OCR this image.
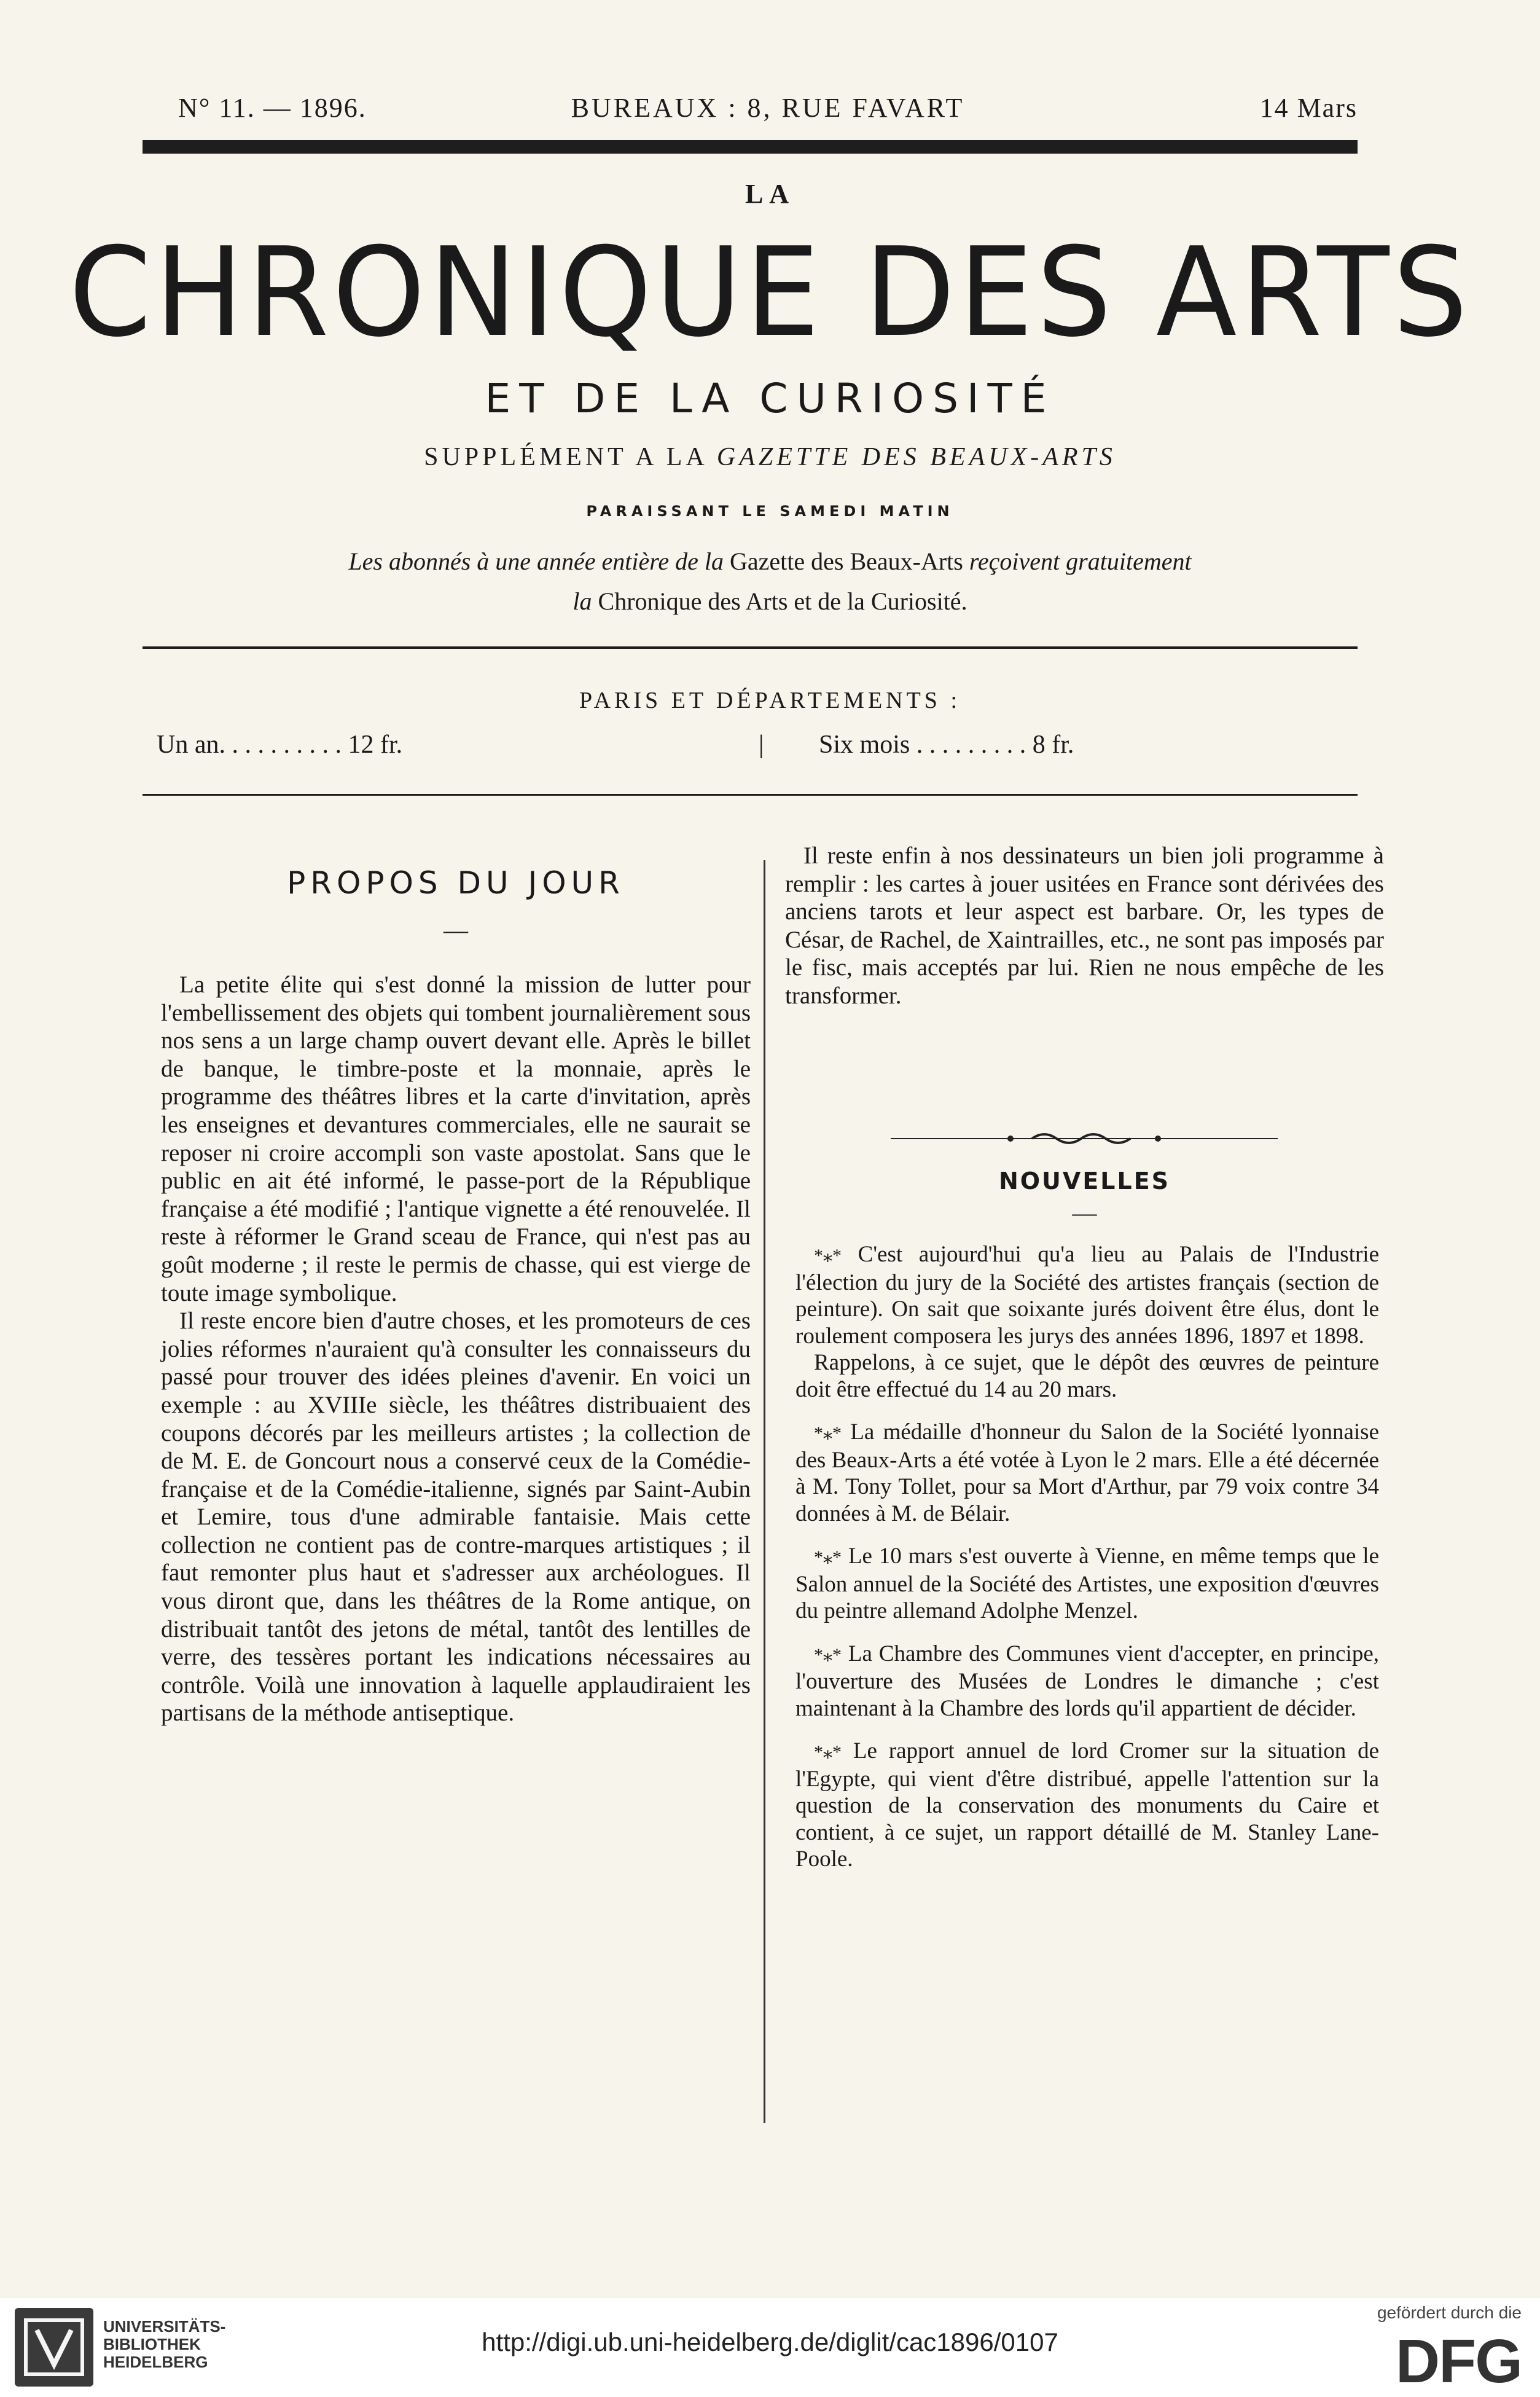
N° 11. — 1896.	BUREAUX : 8, RUE FAVART	14 Mars
LA
CHRONIQUE DES ARTS
ET DE LA CURIOSITÉ
SUPPLÉMENT A LA GAZETTE DES BEAUX-ARTS
PARAISSANT LE SAMEDI MATIN
Les abonnés à une année entière de la Gazette des Beaux-Arts reçoivent gratuitement
la Chronique des Arts et de la Curiosité.
PARIS ET DÉPARTEMENTS :
Un an. . . . . . . . . . 12 fr.	| Six mois . . . . . . . . . 8 fr.
PROPOS DU JOUR
—

La petite élite qui s'est donné la mission de lutter pour l'embellissement des objets qui tombent journalièrement sous nos sens a un large champ ouvert devant elle. Après le billet de banque, le timbre-poste et la monnaie, après le programme des théâtres libres et la carte d'invitation, après les enseignes et devantures commerciales, elle ne saurait se reposer ni croire accompli son vaste apostolat. Sans que le public en ait été informé, le passe-port de la République française a été modifié ; l'antique vignette a été renouvelée. Il reste à réformer le Grand sceau de France, qui n'est pas au goût moderne ; il reste le permis de chasse, qui est vierge de toute image symbolique.

Il reste encore bien d'autre choses, et les promoteurs de ces jolies réformes n'auraient qu'à consulter les connaisseurs du passé pour trouver des idées pleines d'avenir. En voici un exemple : au XVIIIe siècle, les théâtres distribuaient des coupons décorés par les meilleurs artistes ; la collection de de M. E. de Goncourt nous a conservé ceux de la Comédie-française et de la Comédie-italienne, signés par Saint-Aubin et Lemire, tous d'une admirable fantaisie. Mais cette collection ne contient pas de contre-marques artistiques ; il faut remonter plus haut et s'adresser aux archéologues. Il vous diront que, dans les théâtres de la Rome antique, on distribuait tantôt des jetons de métal, tantôt des lentilles de verre, des tessères portant les indications nécessaires au contrôle. Voilà une innovation à laquelle applaudiraient les partisans de la méthode antiseptique.

Il reste enfin à nos dessinateurs un bien joli programme à remplir : les cartes à jouer usitées en France sont dérivées des anciens tarots et leur aspect est barbare. Or, les types de César, de Rachel, de Xaintrailles, etc., ne sont pas imposés par le fisc, mais acceptés par lui. Rien ne nous empêche de les transformer.

NOUVELLES
—

*⁎* C'est aujourd'hui qu'a lieu au Palais de l'Industrie l'élection du jury de la Société des artistes français (section de peinture). On sait que soixante jurés doivent être élus, dont le roulement composera les jurys des années 1896, 1897 et 1898.

Rappelons, à ce sujet, que le dépôt des œuvres de peinture doit être effectué du 14 au 20 mars.

*⁎* La médaille d'honneur du Salon de la Société lyonnaise des Beaux-Arts a été votée à Lyon le 2 mars. Elle a été décernée à M. Tony Tollet, pour sa Mort d'Arthur, par 79 voix contre 34 données à M. de Bélair.

*⁎* Le 10 mars s'est ouverte à Vienne, en même temps que le Salon annuel de la Société des Artistes, une exposition d'œuvres du peintre allemand Adolphe Menzel.

*⁎* La Chambre des Communes vient d'accepter, en principe, l'ouverture des Musées de Londres le dimanche ; c'est maintenant à la Chambre des lords qu'il appartient de décider.

*⁎* Le rapport annuel de lord Cromer sur la situation de l'Egypte, qui vient d'être distribué, appelle l'attention sur la question de la conservation des monuments du Caire et contient, à ce sujet, un rapport détaillé de M. Stanley Lane-Poole.

UNIVERSITÄTS-
BIBLIOTHEK
HEIDELBERG
http://digi.ub.uni-heidelberg.de/diglit/cac1896/0107
gefördert durch die
DFG
